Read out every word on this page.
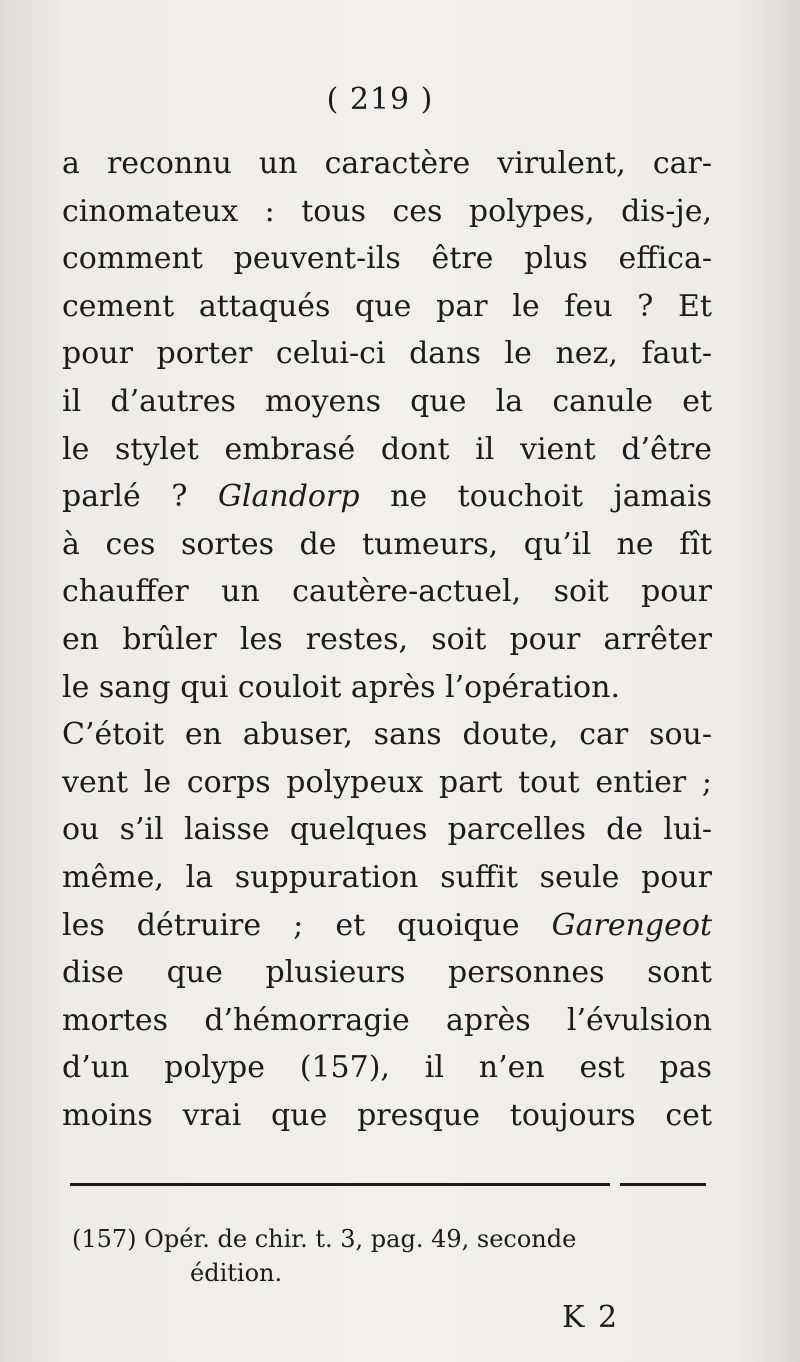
( 219 )
a reconnu un caractère virulent, car-
cinomateux : tous ces polypes, dis-je,
comment peuvent-ils être plus effica-
cement attaqués que par le feu ? Et
pour porter celui-ci dans le nez, faut-
il d’autres moyens que la canule et
le stylet embrasé dont il vient d’être
parlé ? Glandorp ne touchoit jamais
à ces sortes de tumeurs, qu’il ne fît
chauffer un cautère-actuel, soit pour
en brûler les restes, soit pour arrêter
le sang qui couloit après l’opération.
C’étoit en abuser, sans doute, car sou-
vent le corps polypeux part tout entier ;
ou s’il laisse quelques parcelles de lui-
même, la suppuration suffit seule pour
les détruire ; et quoique Garengeot
dise que plusieurs personnes sont
mortes d’hémorragie après l’évulsion
d’un polype (157), il n’en est pas
moins vrai que presque toujours cet
(157) Opér. de chir. t. 3, pag. 49, seconde
édition.
K 2
